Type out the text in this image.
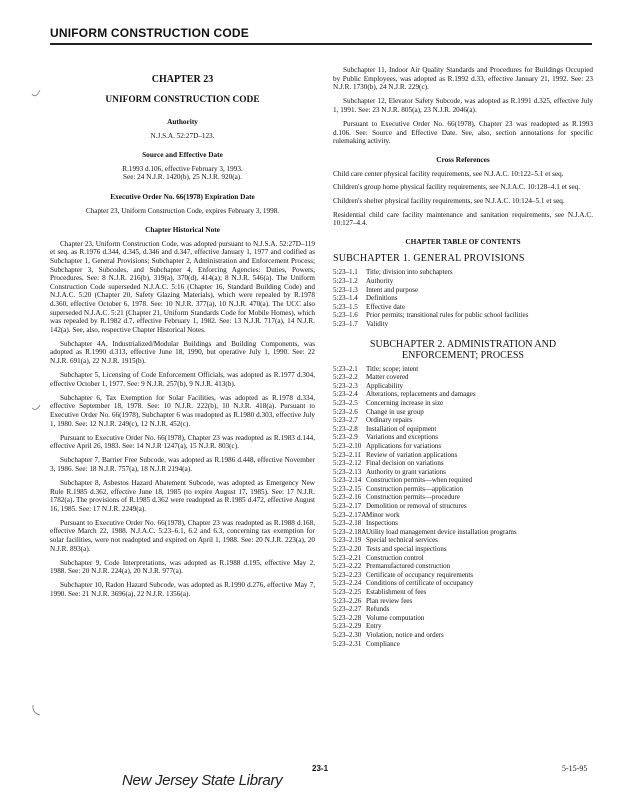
UNIFORM CONSTRUCTION CODE
CHAPTER 23
UNIFORM CONSTRUCTION CODE
Authority
N.J.S.A. 52:27D–123.
Source and Effective Date
R.1993 d.106, effective February 3, 1993.
See: 24 N.J.R. 1420(b), 25 N.J.R. 920(a).
Executive Order No. 66(1978) Expiration Date
Chapter 23, Uniform Construction Code, expires February 3, 1998.
Chapter Historical Note

Chapter 23, Uniform Construction Code, was adopted pursuant to N.J.S.A. 52:27D–119 et seq. as R.1976 d.344, d.345, d.346 and d.347, effective January 1, 1977 and codified as Subchapter 1, General Provisions; Subchapter 2, Administration and Enforcement Process; Subchapter 3, Subcodes, and Subchapter 4, Enforcing Agencies: Duties, Powers, Procedures. See: 8 N.J.R. 216(b), 319(a), 370(d), 414(a); 8 N.J.R. 546(a). The Uniform Construction Code superseded N.J.A.C. 5:16 (Chapter 16, Standard Building Code) and N.J.A.C. 5:20 (Chapter 20, Safety Glazing Materials), which were repealed by R.1978 d.360, effective October 6, 1978. See: 10 N.J.R. 377(a), 10 N.J.R. 470(a). The UCC also superseded N.J.A.C. 5:21 (Chapter 21, Uniform Standards Code for Mobile Homes), which was repealed by R.1982 d.7, effective February 1, 1982. See: 13 N.J.R. 717(a), 14 N.J.R. 142(a). See, also, respective Chapter Historical Notes.

Subchapter 4A, Industrialized/Modular Buildings and Building Components, was adopted as R.1990 d.313, effective June 18, 1990, but operative July 1, 1990. See: 22 N.J.R. 691(a), 22 N.J.R. 1915(b).

Subchapter 5, Licensing of Code Enforcement Officials, was adopted as R.1977 d.304, effective October 1, 1977. See: 9 N.J.R. 257(b), 9 N.J.R. 413(b).

Subchapter 6, Tax Exemption for Solar Facilities, was adopted as R.1978 d.334, effective September 18, 1978. See: 10 N.J.R. 222(b), 10 N.J.R. 418(a). Pursuant to Executive Order No. 66(1978), Subchapter 6 was readopted as R.1980 d.303, effective July 1, 1980. See: 12 N.J.R. 249(c), 12 N.J.R. 452(c).

Pursuant to Executive Order No. 66(1978), Chapter 23 was readopted as R.1983 d.144, effective April 26, 1983. See: 14 N.J.R 1247(a), 15 N.J.R. 803(c).

Subchapter 7, Barrier Free Subcode, was adopted as R.1986 d.448, effective November 3, 1986. See: 18 N.J.R. 757(a), 18 N.J.R 2194(a).

Subchapter 8, Asbestos Hazard Abatement Subcode, was adopted as Emergency New Rule R.1985 d.362, effective June 18, 1985 (to expire August 17, 1985). See: 17 N.J.R. 1782(a). The provisions of R.1985 d.362 were readopted as R.1985 d.472, effective August 16, 1985. See: 17 N.J.R. 2249(a).

Pursuant to Executive Order No. 66(1978), Chapter 23 was readopted as R.1988 d.168, effective March 22, 1988. N.J.A.C. 5:23–6.1, 6.2 and 6.3, concerning tax exemption for solar facilities, were not readopted and expired on April 1, 1988. See: 20 N.J.R. 223(a), 20 N.J.R. 893(a).

Subchapter 9, Code Interpretations, was adopted as R.1988 d.195, effective May 2, 1988. See: 20 N.J.R. 224(a), 20 N.J.R. 977(a).

Subchapter 10, Radon Hazard Subcode, was adopted as R.1990 d.276, effective May 7, 1990. See: 21 N.J.R. 3696(a), 22 N.J.R. 1356(a).

Subchapter 11, Indoor Air Quality Standards and Procedures for Buildings Occupied by Public Employees, was adopted as R.1992 d.33, effective January 21, 1992. See: 23 N.J.R. 1730(b), 24 N.J.R. 229(c).

Subchapter 12, Elevator Safety Subcode, was adopted as R.1991 d.325, effective July 1, 1991. See: 23 N.J.R. 805(a), 23 N.J.R. 2046(a).

Pursuant to Executive Order No. 66(1978), Chapter 23 was readopted as R.1993 d.106. See: Source and Effective Date. See, also, section annotations for specific rulemaking activity.

Cross References
Child care center physical facility requirements, see N.J.A.C. 10:122–5.1 et seq.
Children's group home physical facility requirements, see N.J.A.C. 10:128–4.1 et seq.
Children's shelter physical facility requirements, see N.J.A.C. 10:124–5.1 et seq.
Residential child care facility maintenance and sanitation requirements, see N.J.A.C. 10:127–4.4.
CHAPTER TABLE OF CONTENTS
SUBCHAPTER 1. GENERAL PROVISIONS
5:23–1.1	Title; division into subchapters
5:23–1.2	Authority
5:23–1.3	Intent and purpose
5:23–1.4	Definitions
5:23–1.5	Effective date
5:23–1.6	Prior permits; transitional rules for public school facilities
5:23–1.7	Validity
SUBCHAPTER 2. ADMINISTRATION AND
ENFORCEMENT; PROCESS
5:23–2.1	Title; scope; intent
5:23–2.2	Matter covered
5:23–2.3	Applicability
5:23–2.4	Alterations, replacements and damages
5:23–2.5	Concerning increase in size
5:23–2.6	Change in use group
5:23–2.7	Ordinary repairs
5:23–2.8	Installation of equipment
5:23–2.9	Variations and exceptions
5:23–2.10 Applications for variations
5:23–2.11 Review of variation applications
5:23–2.12 Final decision on variations
5:23–2.13 Authority to grant variations
5:23–2.14 Construction permits—when required
5:23–2.15 Construction permits—application
5:23–2.16 Construction permits—procedure
5:23–2.17 Demolition or removal of structures
5:23–2.17A Minor work
5:23–2.18 Inspections
5:23–2.18A Utility load management device installation programs
5:23–2.19 Special technical services
5:23–2.20 Tests and special inspections
5:23–2.21 Construction control
5:23–2.22 Premanufactured construction
5:23–2.23 Certificate of occupancy requirements
5:23–2.24 Conditions of certificate of occupancy
5:23–2.25 Establishment of fees
5:23–2.26 Plan review fees
5:23–2.27 Refunds
5:23–2.28 Volume computation
5:23–2.29 Entry
5:23–2.30 Violation, notice and orders
5:23–2.31 Compliance
New Jersey State Library
23-1	5-15-95
